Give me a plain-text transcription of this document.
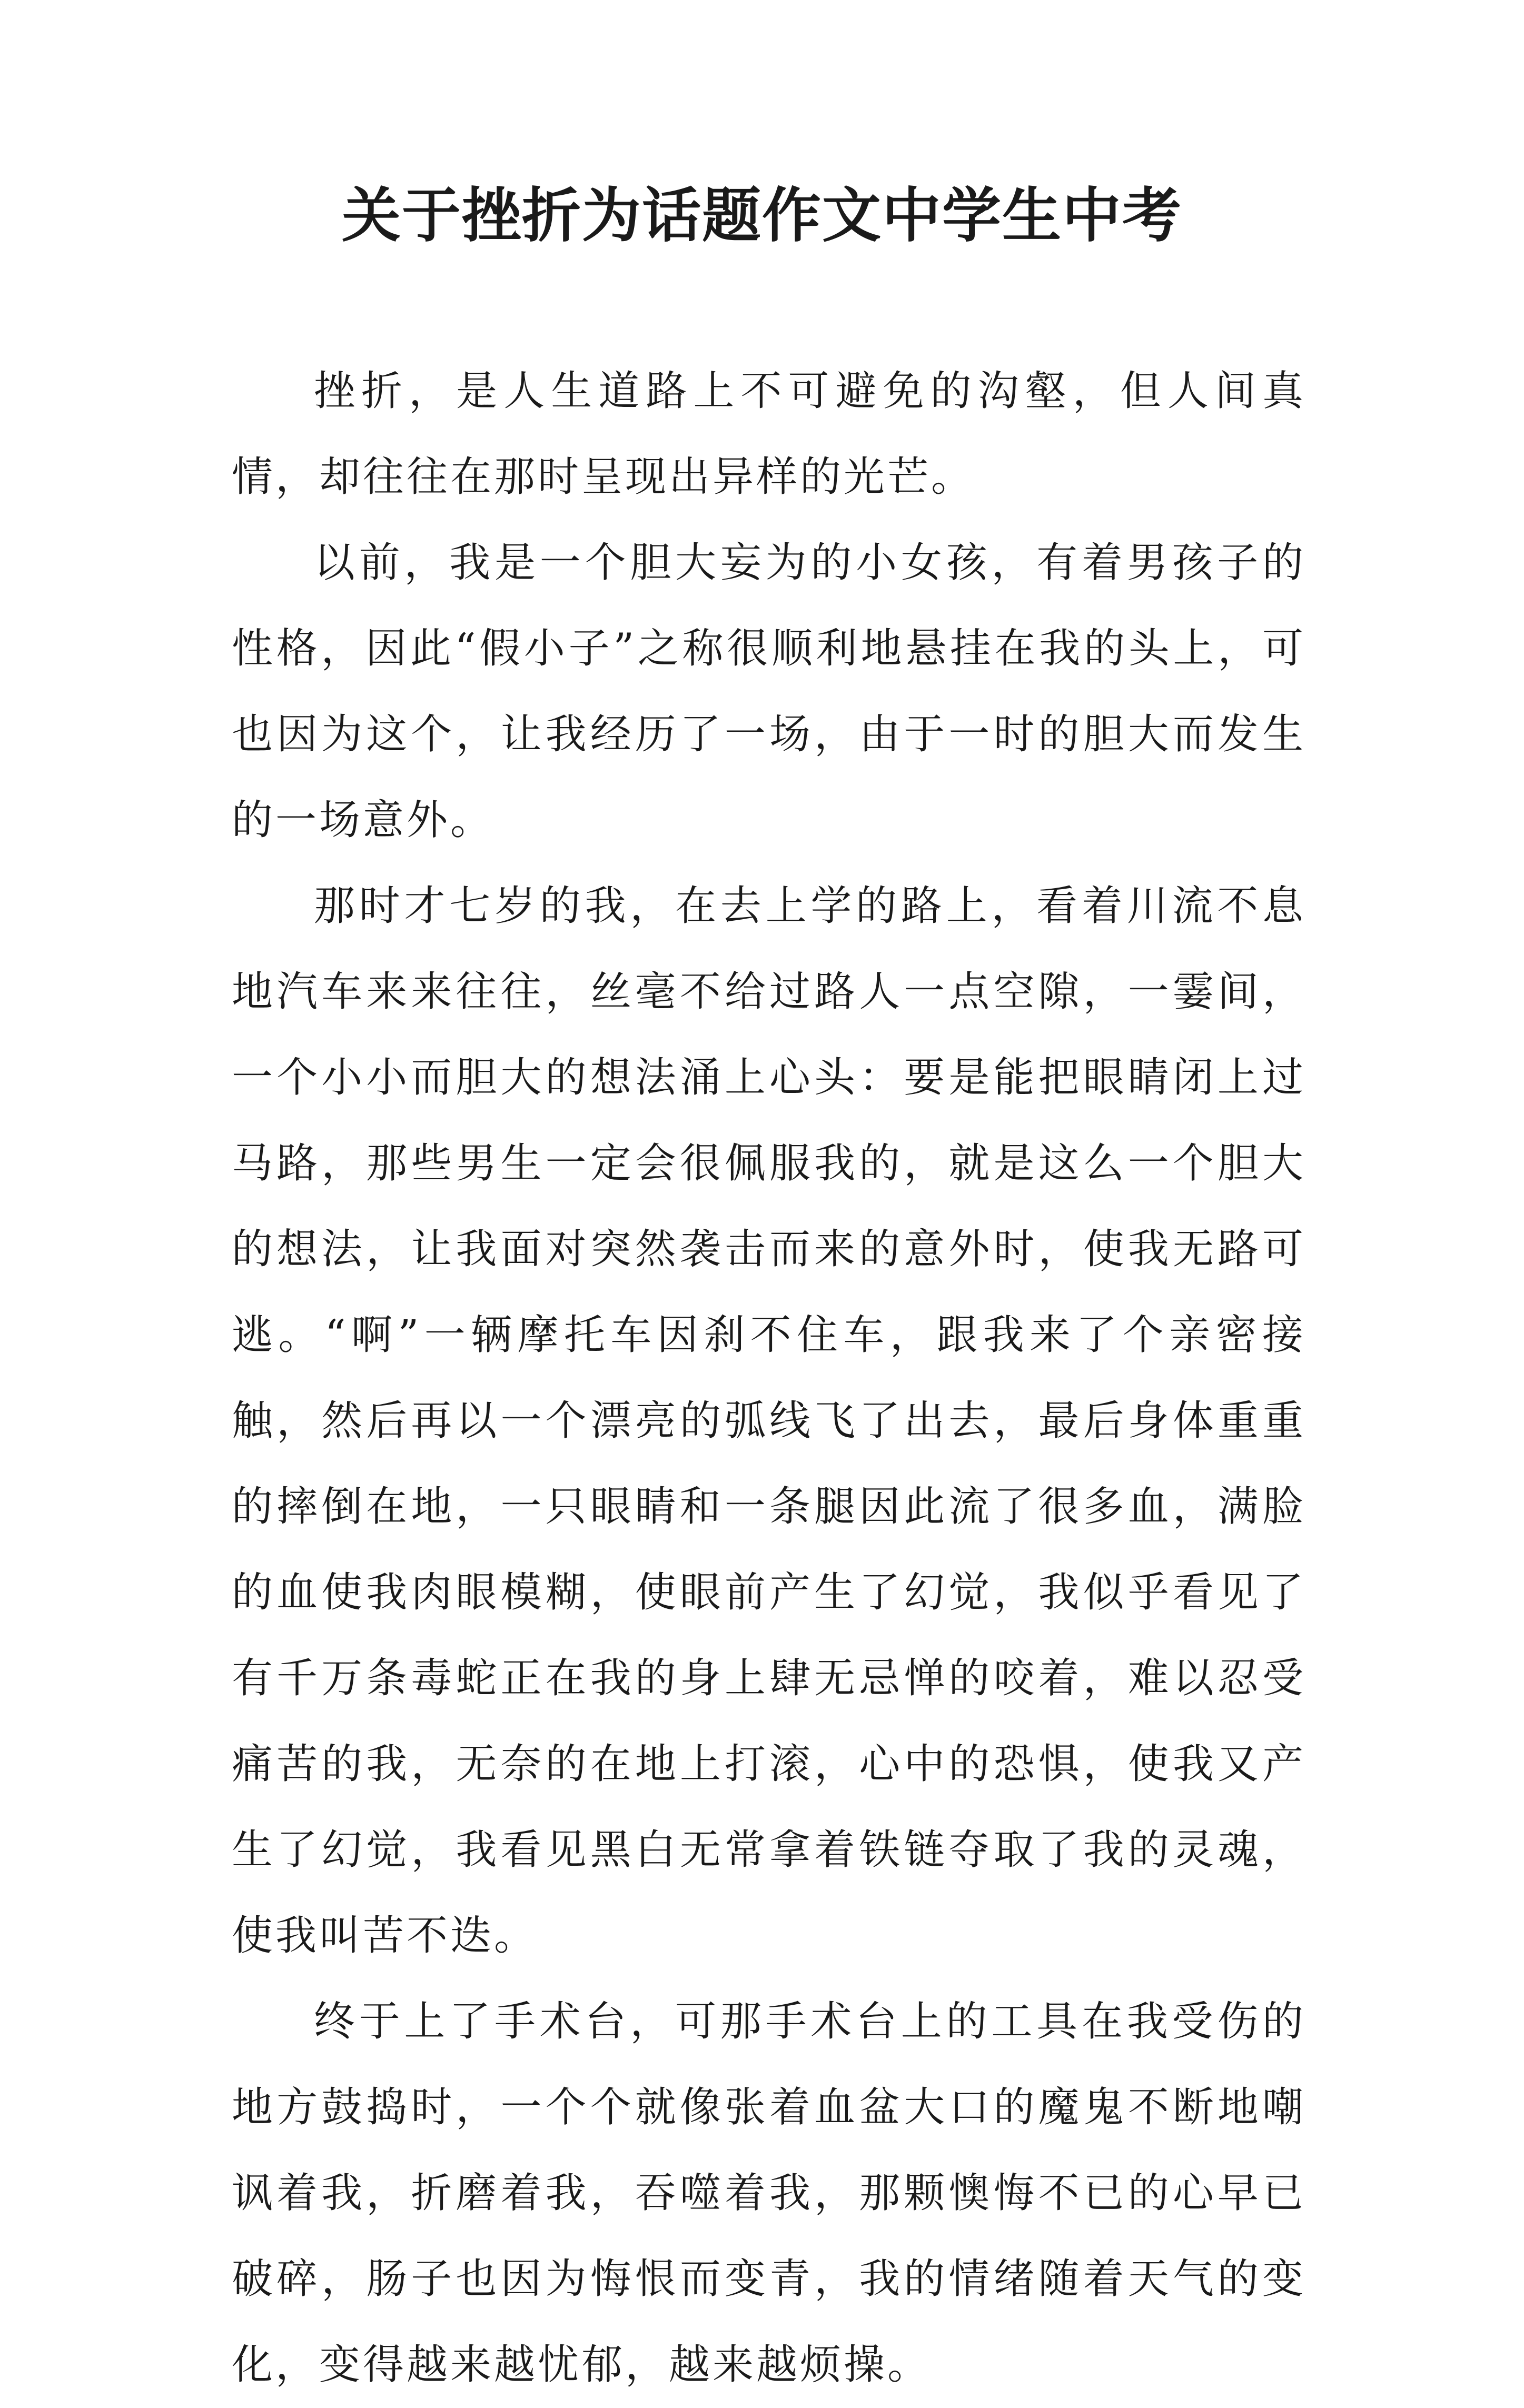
关于挫折为话题作文中学生中考

挫折，是人生道路上不可避免的沟壑，但人间真情，却往往在那时呈现出异样的光芒。

以前，我是一个胆大妄为的小女孩，有着男孩子的性格，因此“假小子”之称很顺利地悬挂在我的头上，可也因为这个，让我经历了一场，由于一时的胆大而发生的一场意外。

那时才七岁的我，在去上学的路上，看着川流不息地汽车来来往往，丝毫不给过路人一点空隙，一霎间，一个小小而胆大的想法涌上心头：要是能把眼睛闭上过马路，那些男生一定会很佩服我的，就是这么一个胆大的想法，让我面对突然袭击而来的意外时，使我无路可逃。“啊”一辆摩托车因刹不住车，跟我来了个亲密接触，然后再以一个漂亮的弧线飞了出去，最后身体重重的摔倒在地，一只眼睛和一条腿因此流了很多血，满脸的血使我肉眼模糊，使眼前产生了幻觉，我似乎看见了有千万条毒蛇正在我的身上肆无忌惮的咬着，难以忍受痛苦的我，无奈的在地上打滚，心中的恐惧，使我又产生了幻觉，我看见黑白无常拿着铁链夺取了我的灵魂，使我叫苦不迭。

终于上了手术台，可那手术台上的工具在我受伤的地方鼓捣时，一个个就像张着血盆大口的魔鬼不断地嘲讽着我，折磨着我，吞噬着我，那颗懊悔不已的心早已破碎，肠子也因为悔恨而变青，我的情绪随着天气的变化，变得越来越忧郁，越来越烦操。
